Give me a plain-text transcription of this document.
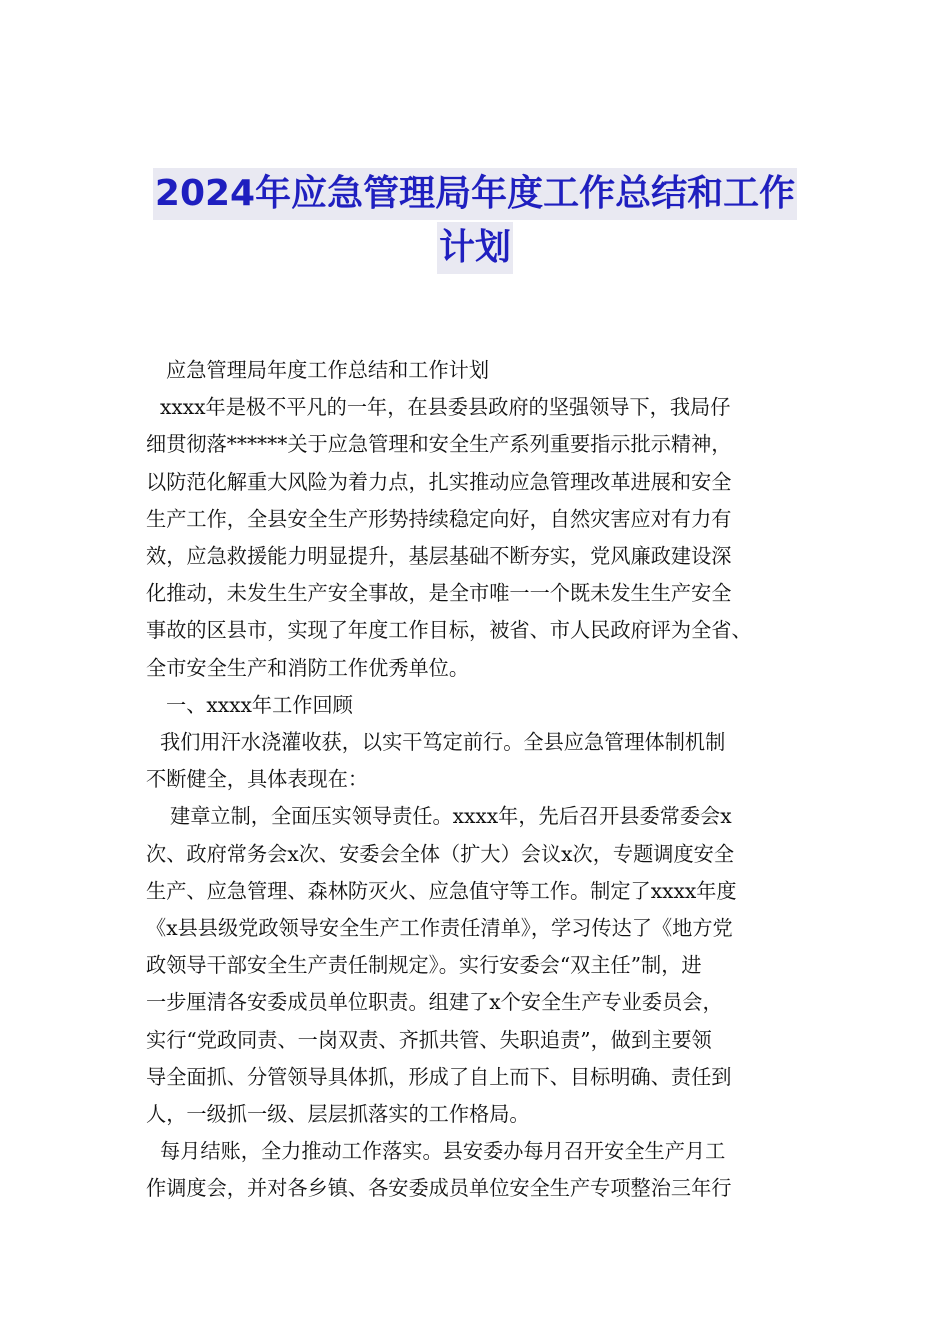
2024年应急管理局年度工作总结和工作
计划

应急管理局年度工作总结和工作计划

xxxx年是极不平凡的一年，在县委县政府的坚强领导下，我局仔

细贯彻落******关于应急管理和安全生产系列重要指示批示精神，

以防范化解重大风险为着力点，扎实推动应急管理改革进展和安全

生产工作，全县安全生产形势持续稳定向好，自然灾害应对有力有

效，应急救援能力明显提升，基层基础不断夯实，党风廉政建设深

化推动，未发生生产安全事故，是全市唯一一个既未发生生产安全

事故的区县市，实现了年度工作目标，被省、市人民政府评为全省、

全市安全生产和消防工作优秀单位。

一、xxxx年工作回顾

我们用汗水浇灌收获，以实干笃定前行。全县应急管理体制机制

不断健全，具体表现在：

建章立制，全面压实领导责任。xxxx年，先后召开县委常委会x

次、政府常务会x次、安委会全体（扩大）会议x次，专题调度安全

生产、应急管理、森林防灭火、应急值守等工作。制定了xxxx年度

《x县县级党政领导安全生产工作责任清单》，学习传达了《地方党

政领导干部安全生产责任制规定》。实行安委会“双主任”制，进

一步厘清各安委成员单位职责。组建了x个安全生产专业委员会，

实行“党政同责、一岗双责、齐抓共管、失职追责”，做到主要领

导全面抓、分管领导具体抓，形成了自上而下、目标明确、责任到

人，一级抓一级、层层抓落实的工作格局。

每月结账，全力推动工作落实。县安委办每月召开安全生产月工

作调度会，并对各乡镇、各安委成员单位安全生产专项整治三年行
